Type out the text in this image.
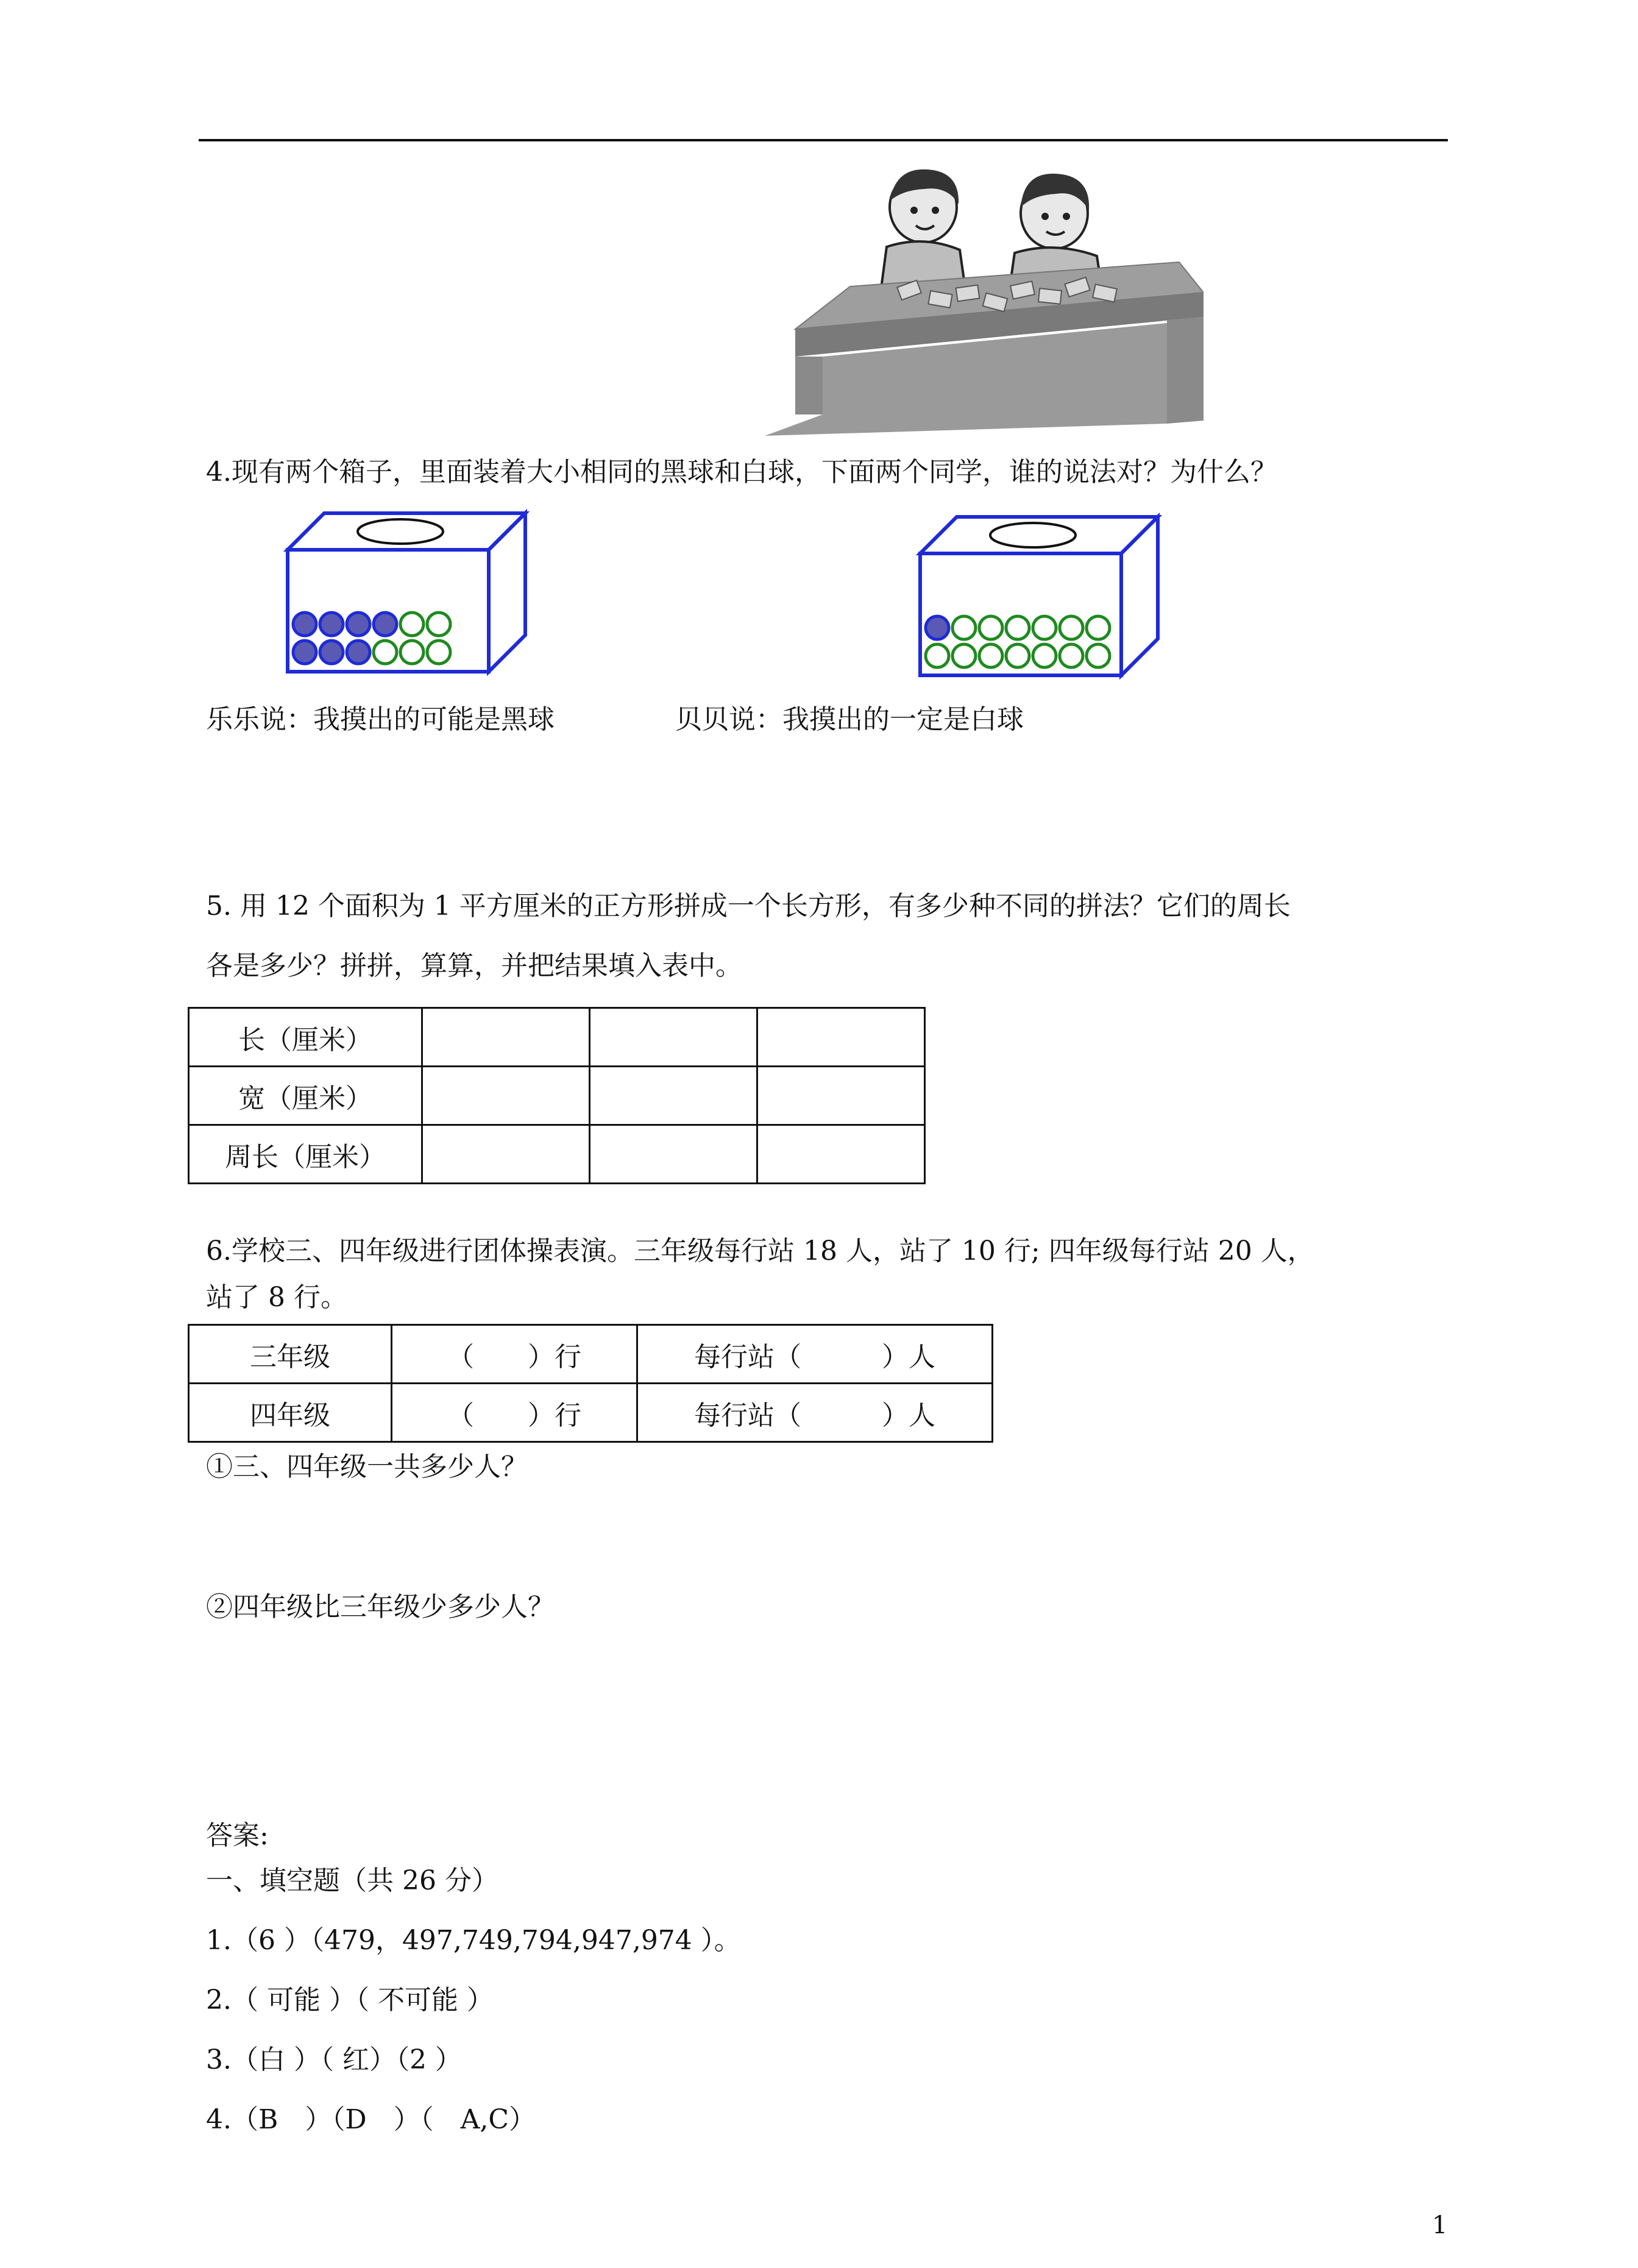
4.现有两个箱子，里面装着大小相同的黑球和白球，下面两个同学，谁的说法对？为什么？
乐乐说：我摸出的可能是黑球	贝贝说：我摸出的一定是白球
5. 用 12 个面积为 1 平方厘米的正方形拼成一个长方形，有多少种不同的拼法？它们的周长
各是多少？拼拼，算算，并把结果填入表中。
长（厘米）			
宽（厘米）			
周长（厘米）			
6.学校三、四年级进行团体操表演。三年级每行站 18 人，站了 10 行; 四年级每行站 20 人，
站了 8 行。
三年级	（　　）行	每行站（　　　）人
四年级	（　　）行	每行站（　　　）人
①三、四年级一共多少人？
②四年级比三年级少多少人？
答案:
一、填空题（共 26 分）
1.（6 ）（479，497,749,794,947,974 ）。
2.（ 可能 ）（ 不可能 ）
3.（白 ）（ 红）（2 ）
4.（B　）（D　）（　A,C）
1
